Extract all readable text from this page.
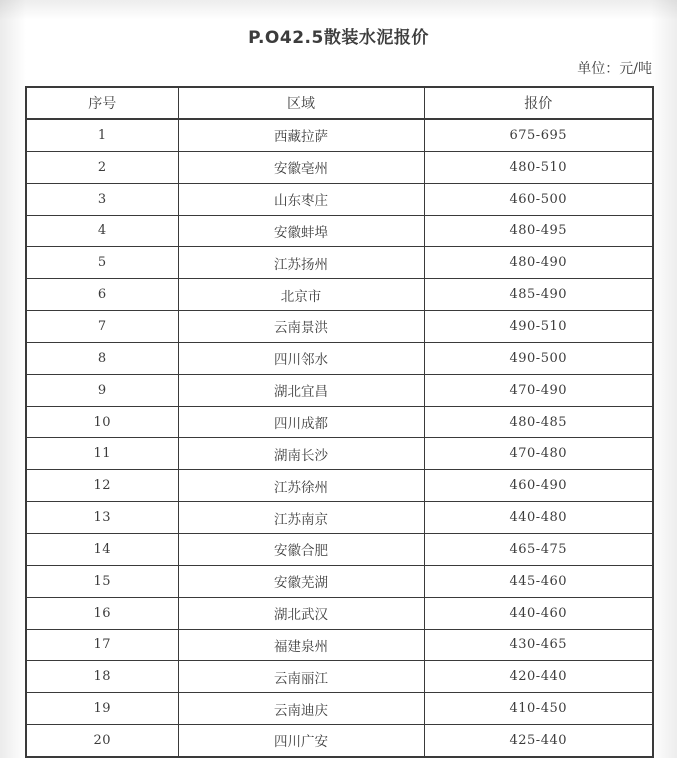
P.O42.5散装水泥报价
单位：元/吨
序号	区域	报价
1	西藏拉萨	675-695
2	安徽亳州	480-510
3	山东枣庄	460-500
4	安徽蚌埠	480-495
5	江苏扬州	480-490
6	北京市	485-490
7	云南景洪	490-510
8	四川邻水	490-500
9	湖北宜昌	470-490
10	四川成都	480-485
11	湖南长沙	470-480
12	江苏徐州	460-490
13	江苏南京	440-480
14	安徽合肥	465-475
15	安徽芜湖	445-460
16	湖北武汉	440-460
17	福建泉州	430-465
18	云南丽江	420-440
19	云南迪庆	410-450
20	四川广安	425-440
